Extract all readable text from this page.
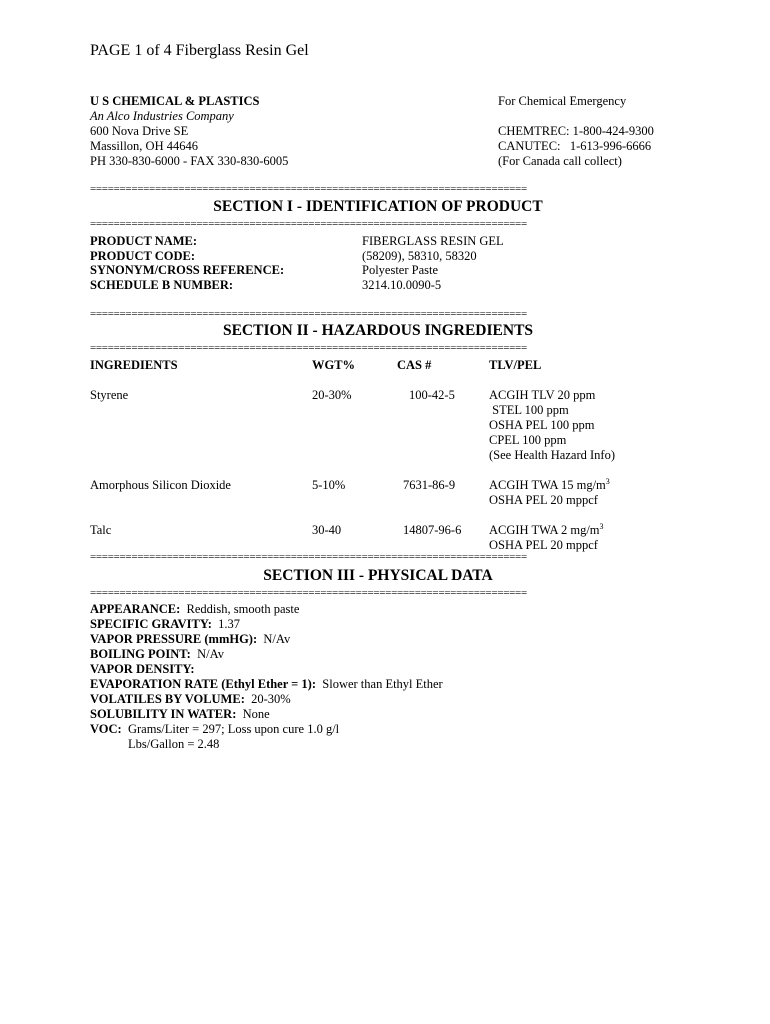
PAGE 1 of 4 Fiberglass Resin Gel
U S CHEMICAL & PLASTICS
An Alco Industries Company
600 Nova Drive SE
Massillon, OH 44646
PH 330-830-6000 - FAX 330-830-6005
For Chemical Emergency
CHEMTREC: 1-800-424-9300
CANUTEC:   1-613-996-6666
(For Canada call collect)
==========================================================================
SECTION I - IDENTIFICATION OF PRODUCT
==========================================================================
PRODUCT NAME:	FIBERGLASS RESIN GEL
PRODUCT CODE:	(58209), 58310, 58320
SYNONYM/CROSS REFERENCE:	Polyester Paste
SCHEDULE B NUMBER:	3214.10.0090-5
==========================================================================
SECTION II - HAZARDOUS INGREDIENTS
==========================================================================
INGREDIENTS	WGT%	CAS #	TLV/PEL
Styrene	20-30%	100-42-5	ACGIH TLV 20 ppm
STEL 100 ppm
OSHA PEL 100 ppm
CPEL 100 ppm
(See Health Hazard Info)
Amorphous Silicon Dioxide	5-10%	7631-86-9	ACGIH TWA 15 $mg/m^3$
OSHA PEL 20 mppcf
Talc	30-40	14807-96-6 ACGIH TWA 2 $mg/m^3$
OSHA PEL 20 mppcf
==========================================================================
SECTION III - PHYSICAL DATA
==========================================================================
APPEARANCE: Reddish, smooth paste
SPECIFIC GRAVITY: 1.37
VAPOR PRESSURE (mmHG): N/Av
BOILING POINT: N/Av
VAPOR DENSITY:
EVAPORATION RATE (Ethyl Ether = 1): Slower than Ethyl Ether
VOLATILES BY VOLUME: 20-30%
SOLUBILITY IN WATER: None
VOC: Grams/Liter = 297; Loss upon cure 1.0 g/l
Lbs/Gallon = 2.48
